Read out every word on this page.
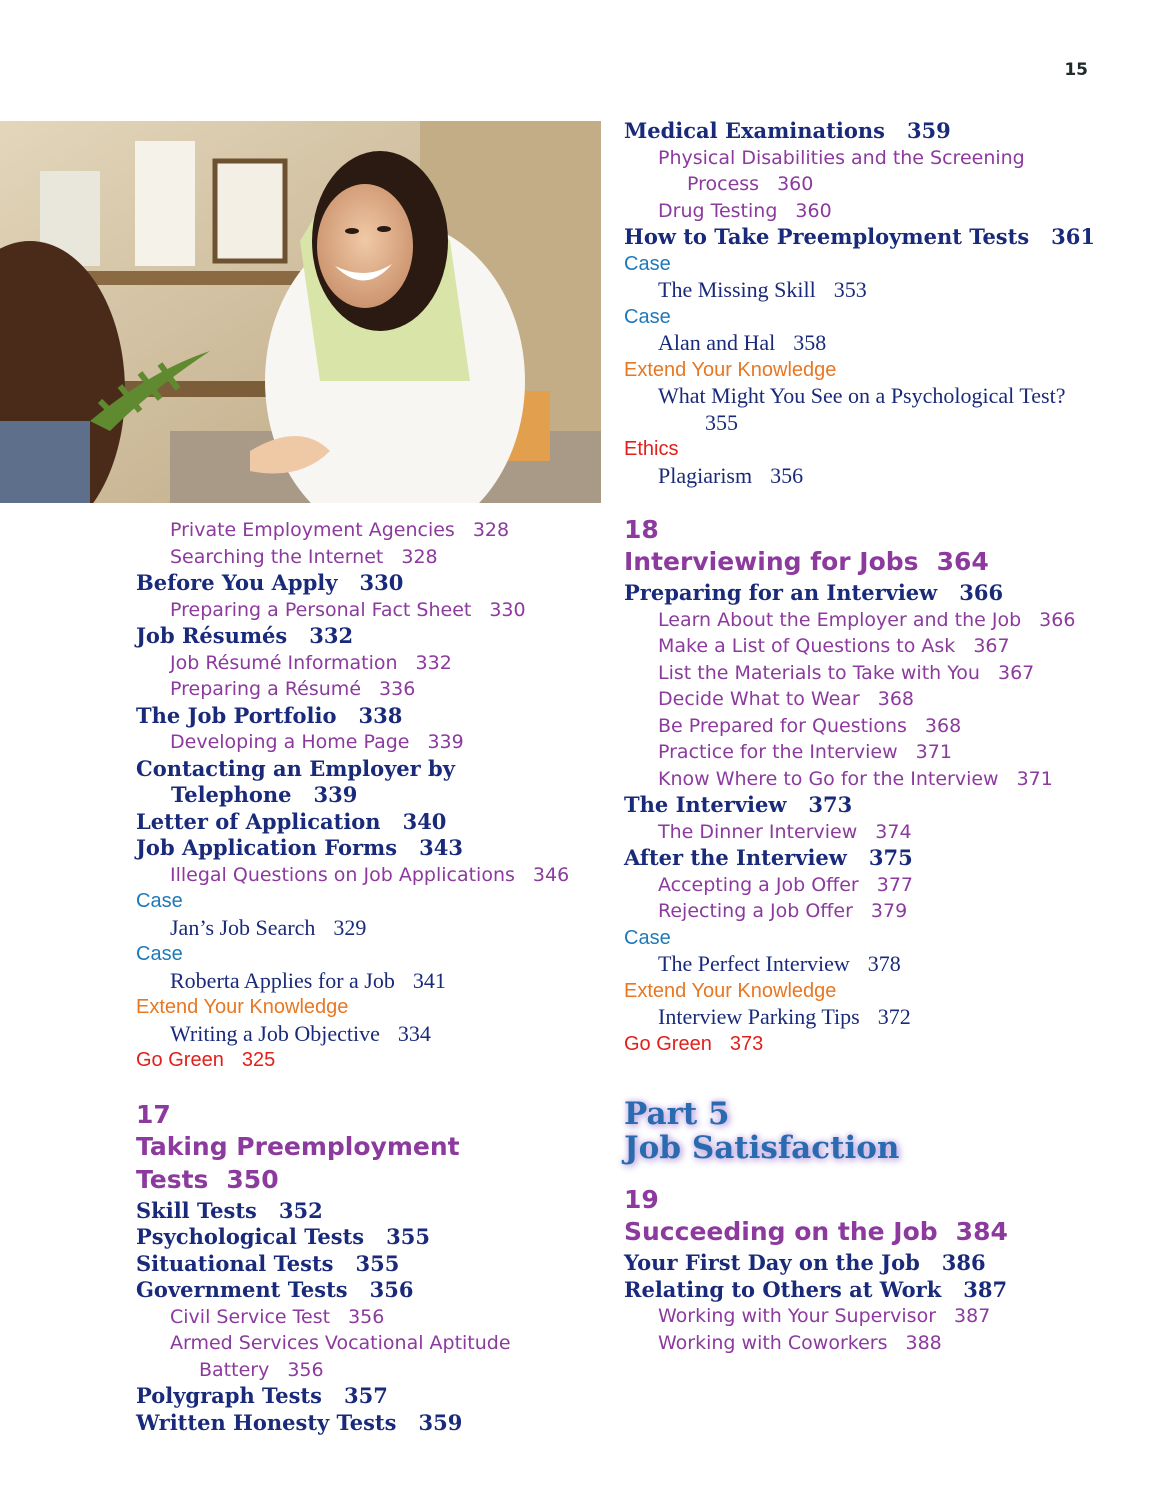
15
Private Employment Agencies 328
Searching the Internet 328
Before You Apply 330
Preparing a Personal Fact Sheet 330
Job Résumés 332
Job Résumé Information 332
Preparing a Résumé 336
The Job Portfolio 338
Developing a Home Page 339
Contacting an Employer by Telephone 339
Letter of Application 340
Job Application Forms 343
Illegal Questions on Job Applications 346
Case
Jan’s Job Search 329
Case
Roberta Applies for a Job 341
Extend Your Knowledge
Writing a Job Objective 334
Go Green 325
17
Taking Preemployment Tests 350
Skill Tests 352
Psychological Tests 355
Situational Tests 355
Government Tests 356
Civil Service Test 356
Armed Services Vocational Aptitude Battery 356
Polygraph Tests 357
Written Honesty Tests 359
Medical Examinations 359
Physical Disabilities and the Screening Process 360
Drug Testing 360
How to Take Preemployment Tests 361
Case
The Missing Skill 353
Case
Alan and Hal 358
Extend Your Knowledge
What Might You See on a Psychological Test?355
Ethics
Plagiarism 356
18
Interviewing for Jobs 364
Preparing for an Interview 366
Learn About the Employer and the Job 366
Make a List of Questions to Ask 367
List the Materials to Take with You 367
Decide What to Wear 368
Be Prepared for Questions 368
Practice for the Interview 371
Know Where to Go for the Interview 371
The Interview 373
The Dinner Interview 374
After the Interview 375
Accepting a Job Offer 377
Rejecting a Job Offer 379
Case
The Perfect Interview 378
Extend Your Knowledge
Interview Parking Tips 372
Go Green 373
Part 5
Job Satisfaction
19
Succeeding on the Job 384
Your First Day on the Job 386
Relating to Others at Work 387
Working with Your Supervisor 387
Working with Coworkers 388
